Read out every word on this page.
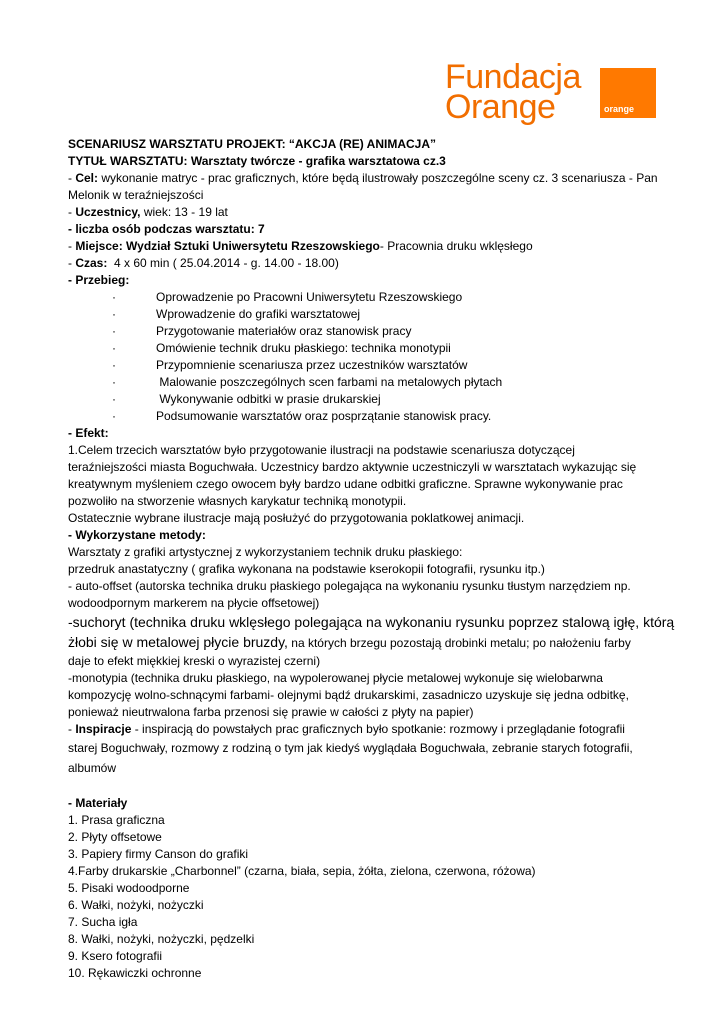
Fundacja
Orange	orange
SCENARIUSZ WARSZTATU PROJEKT: “AKCJA (RE) ANIMACJA”
TYTUŁ WARSZTATU: Warsztaty twórcze - grafika warsztatowa cz.3
- Cel: wykonanie matryc - prac graficznych, które będą ilustrowały poszczególne sceny cz. 3 scenariusza - Pan
Melonik w teraźniejszości
- Uczestnicy, wiek: 13 - 19 lat
- liczba osób podczas warsztatu: 7
- Miejsce: Wydział Sztuki Uniwersytetu Rzeszowskiego- Pracownia druku wklęsłego
- Czas: 4 x 60 min ( 25.04.2014 - g. 14.00 - 18.00)
- Przebieg:
·	Oprowadzenie po Pracowni Uniwersytetu Rzeszowskiego
·	Wprowadzenie do grafiki warsztatowej
·	Przygotowanie materiałów oraz stanowisk pracy
·	Omówienie technik druku płaskiego: technika monotypii
·	Przypomnienie scenariusza przez uczestników warsztatów
·	Malowanie poszczególnych scen farbami na metalowych płytach
·	Wykonywanie odbitki w prasie drukarskiej
·	Podsumowanie warsztatów oraz posprzątanie stanowisk pracy.
- Efekt:
1.Celem trzecich warsztatów było przygotowanie ilustracji na podstawie scenariusza dotyczącej
teraźniejszości miasta Boguchwała. Uczestnicy bardzo aktywnie uczestniczyli w warsztatach wykazując się
kreatywnym myśleniem czego owocem były bardzo udane odbitki graficzne. Sprawne wykonywanie prac
pozwoliło na stworzenie własnych karykatur techniką monotypii.
Ostatecznie wybrane ilustracje mają posłużyć do przygotowania poklatkowej animacji.
- Wykorzystane metody:
Warsztaty z grafiki artystycznej z wykorzystaniem technik druku płaskiego:
przedruk anastatyczny ( grafika wykonana na podstawie kserokopii fotografii, rysunku itp.)
- auto-offset (autorska technika druku płaskiego polegająca na wykonaniu rysunku tłustym narzędziem np.
wodoodpornym markerem na płycie offsetowej)
-suchoryt (technika druku wklęsłego polegająca na wykonaniu rysunku poprzez stalową igłę, którą
żłobi się w metalowej płycie bruzdy, na których brzegu pozostają drobinki metalu; po nałożeniu farby
daje to efekt miękkiej kreski o wyrazistej czerni)
-monotypia (technika druku płaskiego, na wypolerowanej płycie metalowej wykonuje się wielobarwna
kompozycję wolno-schnącymi farbami- olejnymi bądź drukarskimi, zasadniczo uzyskuje się jedna odbitkę,
ponieważ nieutrwalona farba przenosi się prawie w całości z płyty na papier)
- Inspiracje - inspiracją do powstałych prac graficznych było spotkanie: rozmowy i przeglądanie fotografii
starej Boguchwały, rozmowy z rodziną o tym jak kiedyś wyglądała Boguchwała, zebranie starych fotografii,
albumów
- Materiały
1. Prasa graficzna
2. Płyty offsetowe
3. Papiery firmy Canson do grafiki
4.Farby drukarskie „Charbonnel” (czarna, biała, sepia, żółta, zielona, czerwona, różowa)
5. Pisaki wodoodporne
6. Wałki, nożyki, nożyczki
7. Sucha igła
8. Wałki, nożyki, nożyczki, pędzelki
9. Ksero fotografii
10. Rękawiczki ochronne
